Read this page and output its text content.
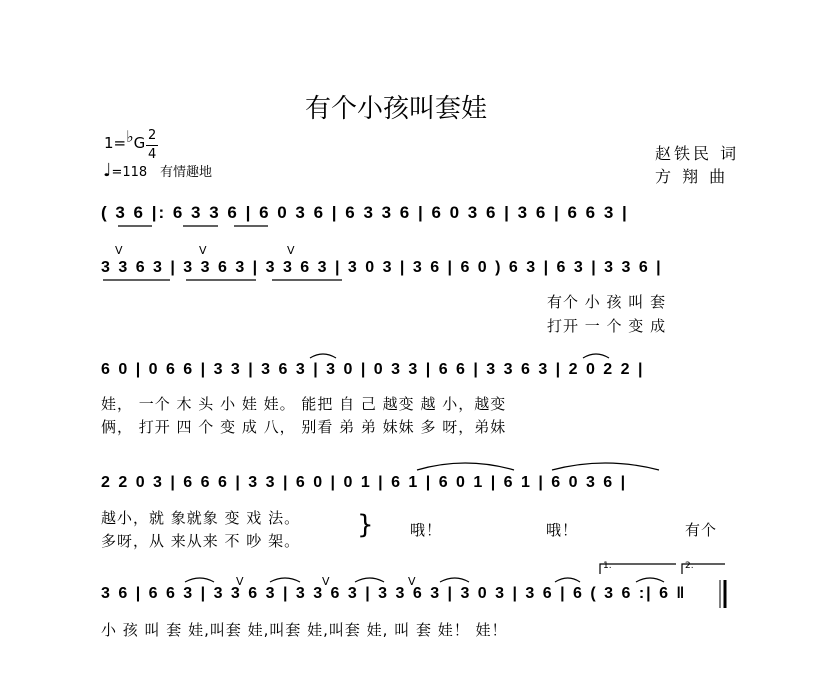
有个小孩叫套娃
1=♭G 2
4
♩=118 有情趣地
赵铁民 词
方 翔 曲
( 3 6 |: 6 3 3 6 | 6 0 3 6 | 6 3 3 6 | 6 0 3 6 | 3 6 | 6 6 3 |
V	V	V
3 3 6 3 | 3 3 6 3 | 3 3 6 3 | 3 0 3 | 3 6 | 6 0 ) 6 3 | 6 3 | 3 3 6 |
有个 小 孩 叫 套
打开 一 个 变 成
6 0 | 0 6 6 | 3 3 | 3 6 3 | 3 0 | 0 3 3 | 6 6 | 3 3 6 3 | 2 0 2 2 |
娃， 一个 木 头 小 娃 娃。 能把 自 己 越变 越 小，越变
俩， 打开 四 个 变 成 八， 别看 弟 弟 妹妹 多 呀，弟妹
2 2 0 3 | 6 6 6 | 3 3 | 6 0 | 0 1 | 6 1 | 6 0 1 | 6 1 | 6 0 3 6 |
越小，就 象就象 变 戏 法。
多呀，从 来从来 不 吵 架。
} 哦！	哦！	有个
1.	2.
V	V	V
3 6 | 6 6 3 | 3 3 6 3 | 3 3 6 3 | 3 3 6 3 | 3 0 3 | 3 6 | 6 ( 3 6 :| 6 ‖
小 孩 叫 套 娃,叫套 娃,叫套 娃,叫套 娃, 叫 套 娃！ 娃！
